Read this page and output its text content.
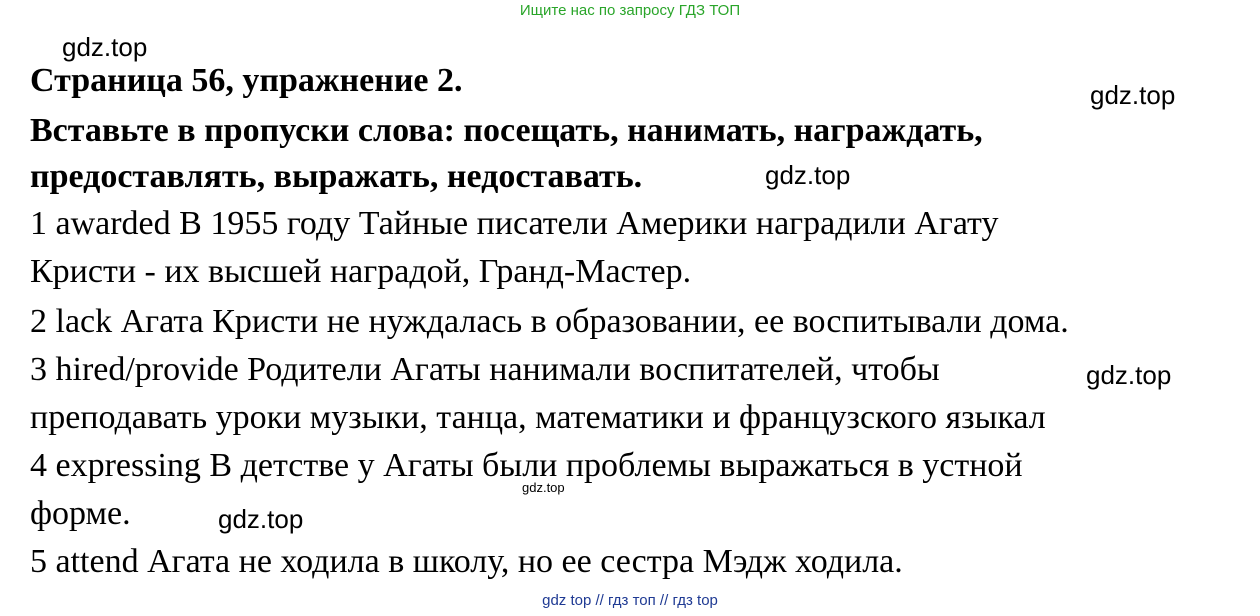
Ищите нас по запросу ГДЗ ТОП
gdz.top
gdz.top
gdz.top
gdz.top
gdz.top
gdz.top
Страница 56, упражнение 2.
Вставьте в пропуски слова: посещать, нанимать, награждать,
предоставлять, выражать, недоставать.
1 awarded В 1955 году Тайные писатели Америки наградили Агату
Кристи - их высшей наградой, Гранд-Мастер.
2 lack Агата Кристи не нуждалась в образовании, ее воспитывали дома.
3 hired/provide Родители Агаты нанимали воспитателей, чтобы
преподавать уроки музыки, танца, математики и французского языкал
4 expressing В детстве у Агаты были проблемы выражаться в устной
форме.
5 attend Агата не ходила в школу, но ее сестра Мэдж ходила.
gdz top // гдз топ // гдз top
